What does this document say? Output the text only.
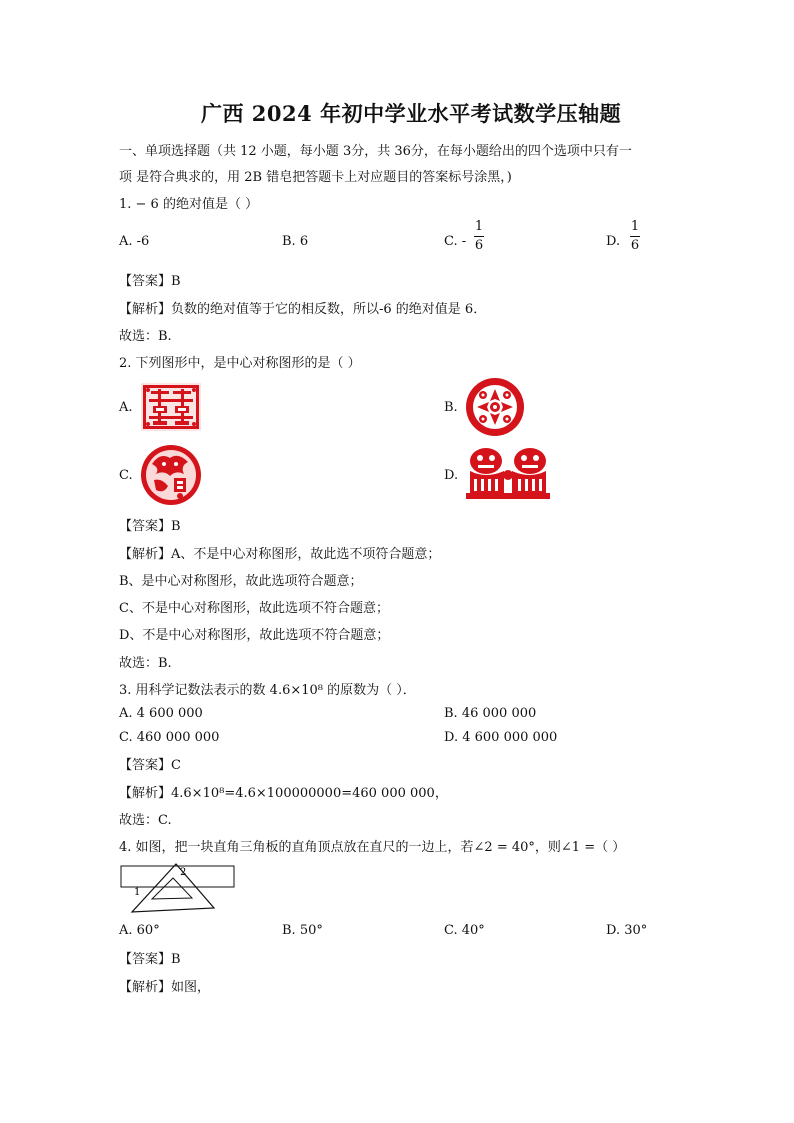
广西 2024 年初中学业水平考试数学压轴题
一、单项选择题（共 12 小题，每小题 3分，共 36分，在每小题给出的四个选项中只有一
项 是符合典求的，用 2B 错皂把答题卡上对应题目的答案标号涂黑，)
1. − 6 的绝对值是（ ）
A. -6	B. 6	C. -
1
6	D.
1
6
【答案】B
【解析】负数的绝对值等于它的相反数，所以-6 的绝对值是 6．
故选：B.
2. 下列图形中，是中心对称图形的是（ ）
A.	B.
C.	D.
【答案】B
【解析】A、不是中心对称图形，故此选不项符合题意；
B、是中心对称图形，故此选项符合题意；
C、不是中心对称图形，故此选项不符合题意；
D、不是中心对称图形，故此选项不符合题意；
故选：B.
3. 用科学记数法表示的数 4.6×10⁸ 的原数为（ ）．
A. 4 600 000	B. 46 000 000
C. 460 000 000	D. 4 600 000 000
【答案】C
【解析】4.6×10⁸=4.6×100000000=460 000 000，
故选：C.
4. 如图，把一块直角三角板的直角顶点放在直尺的一边上，若∠2 = 40°，则∠1 =（ ）
2
1
A. 60°	B. 50°	C. 40°	D. 30°
【答案】B
【解析】如图，
